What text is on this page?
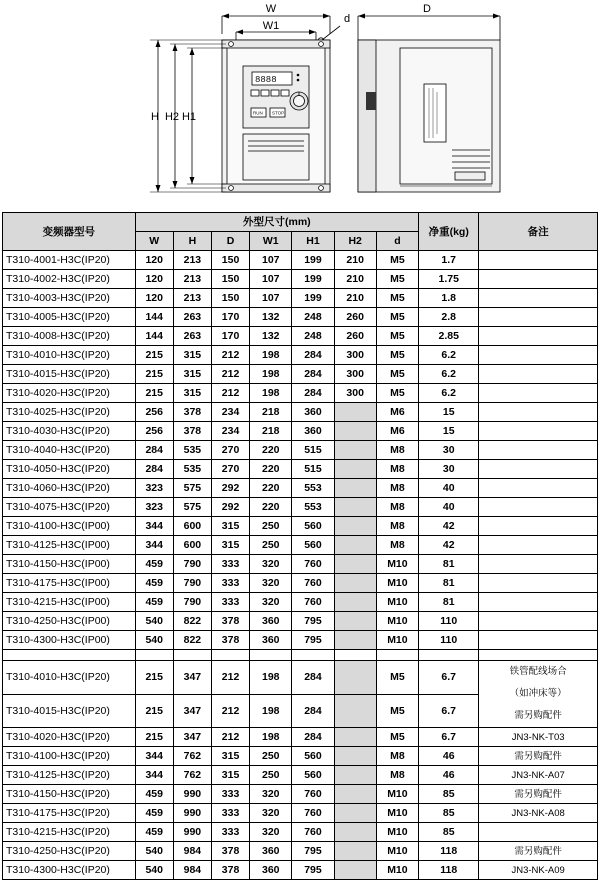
W
W1
d
D
H H2 H1
8888
RUN STOP
变频器型号	外型尺寸(mm)							净重(kg)	备注
	W	H	D	W1	H1	H2	d		
T310-4001-H3C(IP20)	120	213	150	107	199	210	M5	1.7	
T310-4002-H3C(IP20)	120	213	150	107	199	210	M5	1.75	
T310-4003-H3C(IP20)	120	213	150	107	199	210	M5	1.8	
T310-4005-H3C(IP20)	144	263	170	132	248	260	M5	2.8	
T310-4008-H3C(IP20)	144	263	170	132	248	260	M5	2.85	
T310-4010-H3C(IP20)	215	315	212	198	284	300	M5	6.2	
T310-4015-H3C(IP20)	215	315	212	198	284	300	M5	6.2	
T310-4020-H3C(IP20)	215	315	212	198	284	300	M5	6.2	
T310-4025-H3C(IP20)	256	378	234	218	360		M6	15	
T310-4030-H3C(IP20)	256	378	234	218	360		M6	15	
T310-4040-H3C(IP20)	284	535	270	220	515		M8	30	
T310-4050-H3C(IP20)	284	535	270	220	515		M8	30	
T310-4060-H3C(IP20)	323	575	292	220	553		M8	40	
T310-4075-H3C(IP20)	323	575	292	220	553		M8	40	
T310-4100-H3C(IP00)	344	600	315	250	560		M8	42	
T310-4125-H3C(IP00)	344	600	315	250	560		M8	42	
T310-4150-H3C(IP00)	459	790	333	320	760		M10	81	
T310-4175-H3C(IP00)	459	790	333	320	760		M10	81	
T310-4215-H3C(IP00)	459	790	333	320	760		M10	81	
T310-4250-H3C(IP00)	540	822	378	360	795		M10	110	
T310-4300-H3C(IP00)	540	822	378	360	795		M10	110	

T310-4010-H3C(IP20)	215	347	212	198	284		M5	6.7	铁管配线场合
（如冲床等）
需另购配件

T310-4015-H3C(IP20)	215	347	212	198	284		M5	6.7	
T310-4020-H3C(IP20)	215	347	212	198	284		M5	6.7	JN3-NK-T03
T310-4100-H3C(IP20)	344	762	315	250	560		M8	46	需另购配件
T310-4125-H3C(IP20)	344	762	315	250	560		M8	46	JN3-NK-A07
T310-4150-H3C(IP20)	459	990	333	320	760		M10	85	需另购配件
T310-4175-H3C(IP20)	459	990	333	320	760		M10	85	JN3-NK-A08
T310-4215-H3C(IP20)	459	990	333	320	760		M10	85	
T310-4250-H3C(IP20)	540	984	378	360	795		M10	118	需另购配件
T310-4300-H3C(IP20)	540	984	378	360	795		M10	118	JN3-NK-A09
